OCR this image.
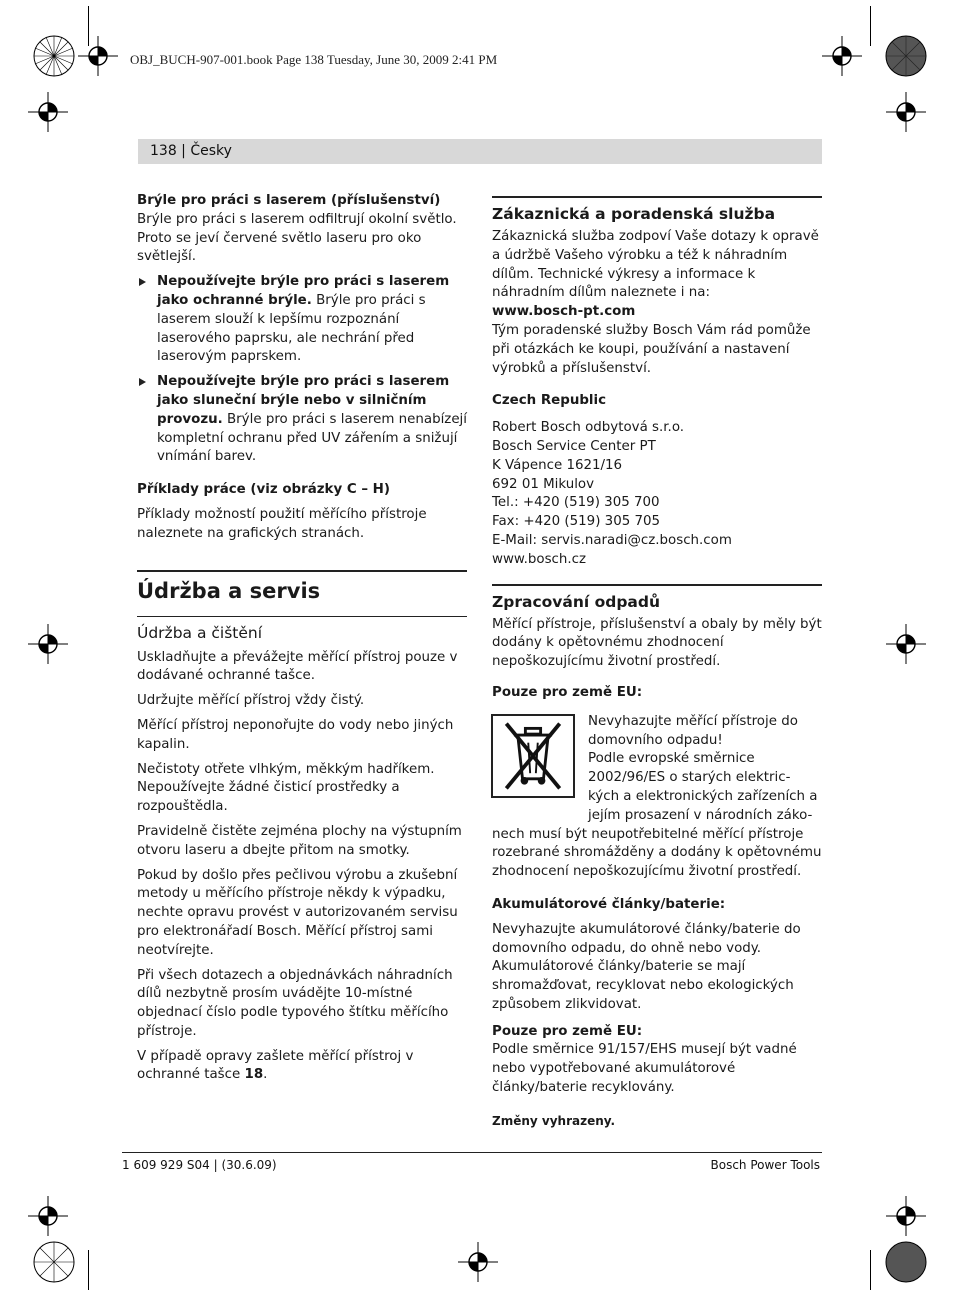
OBJ_BUCH-907-001.book Page 138 Tuesday, June 30, 2009 2:41 PM
138 | Česky

Brýle pro práci s laserem (příslušenství)

Brýle pro práci s laserem odfiltrují okolní světlo. Proto se jeví červené světlo laseru pro oko světlejší.

Nepoužívejte brýle pro práci s laserem jako ochranné brýle. Brýle pro práci s laserem slouží k lepšímu rozpoznání laserového paprsku, ale nechrání před laserovým paprskem.

Nepoužívejte brýle pro práci s laserem jako sluneční brýle nebo v silničním provozu. Brýle pro práci s laserem nenabízejí kompletní ochranu před UV zářením a snižují vnímání barev.

Příklady práce (viz obrázky C – H)

Příklady možností použití měřícího přístroje naleznete na grafických stranách.

Údržba a servis
Údržba a čištění

Uskladňujte a převážejte měřící přístroj pouze v dodávané ochranné tašce.

Udržujte měřící přístroj vždy čistý.

Měřící přístroj neponořujte do vody nebo jiných kapalin.

Nečistoty otřete vlhkým, měkkým hadříkem. Nepoužívejte žádné čisticí prostředky a rozpouštědla.

Pravidelně čistěte zejména plochy na výstupním otvoru laseru a dbejte přitom na smotky.

Pokud by došlo přes pečlivou výrobu a zkušební metody u měřícího přístroje někdy k výpadku, nechte opravu provést v autorizovaném servisu pro elektronářadí Bosch. Měřící přístroj sami neotvírejte.

Při všech dotazech a objednávkách náhradních dílů nezbytně prosím uvádějte 10-místné objednací číslo podle typového štítku měřícího přístroje.

V případě opravy zašlete měřící přístroj v ochranné tašce 18.

Zákaznická a poradenská služba

Zákaznická služba zodpoví Vaše dotazy k opravě a údržbě Vašeho výrobku a též k náhradním dílům. Technické výkresy a informace k náhradním dílům naleznete i na:

www.bosch-pt.com

Tým poradenské služby Bosch Vám rád pomůže při otázkách ke koupi, používání a nastavení výrobků a příslušenství.

Czech Republic

Robert Bosch odbytová s.r.o.

Bosch Service Center PT

K Vápence 1621/16

692 01 Mikulov

Tel.: +420 (519) 305 700

Fax: +420 (519) 305 705

E-Mail: servis.naradi@cz.bosch.com

www.bosch.cz

Zpracování odpadů

Měřící přístroje, příslušenství a obaly by měly být dodány k opětovnému zhodnocení nepoškozujícímu životní prostředí.

Pouze pro země EU:

Nevyhazujte měřící přístroje do

domovního odpadu!

Podle evropské směrnice

2002/96/ES o starých elektric-

kých a elektronických zařízeních a

jejím prosazení v národních záko-

nech musí být neupotřebitelné měřící přístroje rozebrané shromážděny a dodány k opětovnému zhodnocení nepoškozujícímu životní prostředí.

Akumulátorové články/baterie:

Nevyhazujte akumulátorové články/baterie do domovního odpadu, do ohně nebo vody. Akumulátorové články/baterie se mají shromažďovat, recyklovat nebo ekologických způsobem zlikvidovat.

Pouze pro země EU:

Podle směrnice 91/157/EHS musejí být vadné nebo vypotřebované akumulátorové články/baterie recyklovány.

Změny vyhrazeny.

1 609 929 S04 | (30.6.09)	Bosch Power Tools
